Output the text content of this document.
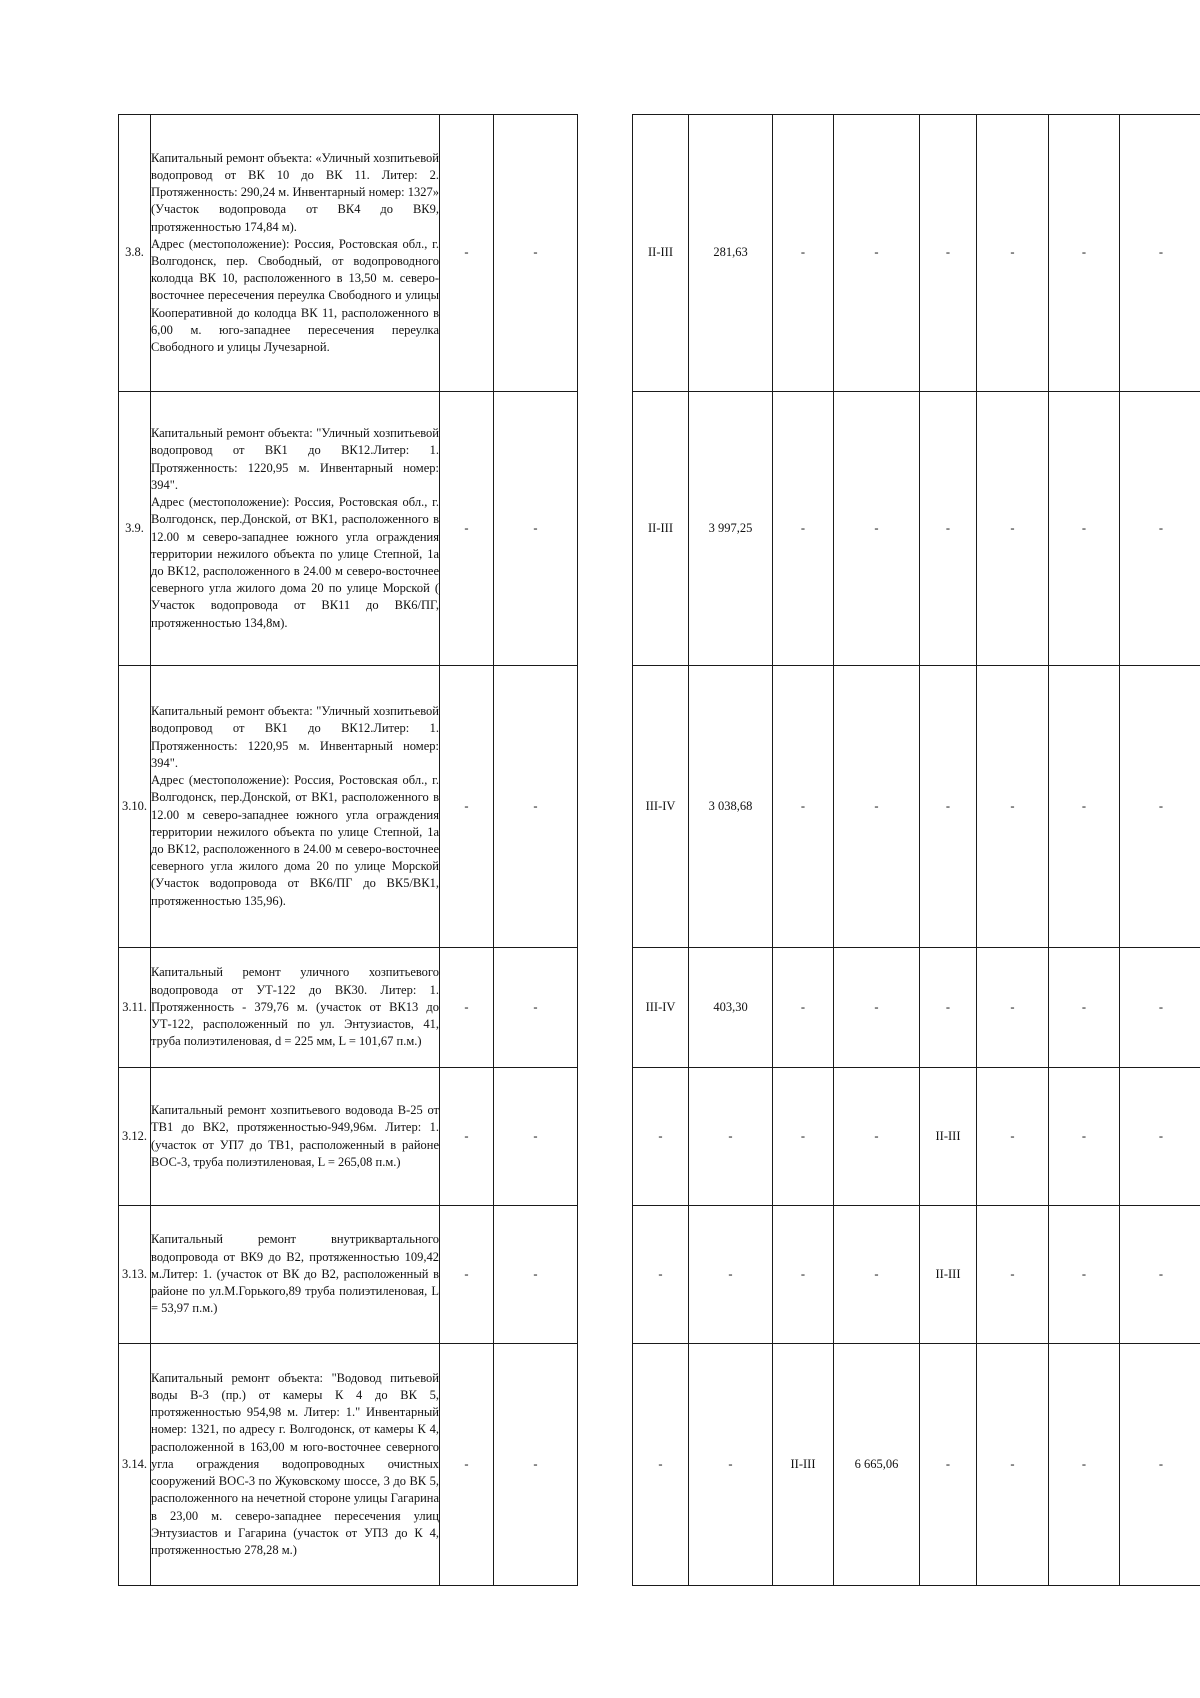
3.8.	Капитальный ремонт объекта: «Уличный хозпитьевой водопровод от ВК 10 до ВК 11. Литер: 2. Протяженность: 290,24 м. Инвентарный номер: 1327» (Участок водопровода от ВК4 до ВК9, протяженностью 174,84 м).
Адрес (местоположение): Россия, Ростовская обл., г. Волгодонск, пер. Свободный, от водопроводного колодца ВК 10, расположенного в 13,50 м. северо-восточнее пересечения переулка Свободного и улицы Кооперативной до колодца ВК 11, расположенного в 6,00 м. юго-западнее пересечения переулка Свободного и улицы Лучезарной.	-	-		II-III	281,63	-	-	-	-	-	-
3.9.	Капитальный ремонт объекта: "Уличный хозпитьевой водопровод от ВК1 до ВК12.Литер: 1. Протяженность: 1220,95 м. Инвентарный номер: 394".
Адрес (местоположение): Россия, Ростовская обл., г. Волгодонск, пер.Донской, от ВК1, расположенного в 12.00 м северо-западнее южного угла ограждения территории нежилого объекта по улице Степной, 1а до ВК12, расположенного в 24.00 м северо-восточнее северного угла жилого дома 20 по улице Морской ( Участок водопровода от ВК11 до ВК6/ПГ, протяженностью 134,8м).	-	-		II-III	3 997,25	-	-	-	-	-	-
3.10.	Капитальный ремонт объекта: "Уличный хозпитьевой водопровод от ВК1 до ВК12.Литер: 1. Протяженность: 1220,95 м. Инвентарный номер: 394".
Адрес (местоположение): Россия, Ростовская обл., г. Волгодонск, пер.Донской, от ВК1, расположенного в 12.00 м северо-западнее южного угла ограждения территории нежилого объекта по улице Степной, 1а до ВК12, расположенного в 24.00 м северо-восточнее северного угла жилого дома 20 по улице Морской (Участок водопровода от ВК6/ПГ до ВК5/ВК1, протяженностью 135,96).	-	-		III-IV	3 038,68	-	-	-	-	-	-
3.11.	Капитальный ремонт уличного хозпитьевого водопровода от УТ-122 до ВК30. Литер: 1. Протяженность - 379,76 м. (участок от ВК13 до УТ-122, расположенный по ул. Энтузиастов, 41, труба полиэтиленовая, d = 225 мм, L = 101,67 п.м.)	-	-		III-IV	403,30	-	-	-	-	-	-
3.12.	Капитальный ремонт хозпитьевого водовода В-25 от ТВ1 до ВК2, протяженностью-949,96м. Литер: 1. (участок от УП7 до ТВ1, расположенный в районе ВОС-3, труба полиэтиленовая, L = 265,08 п.м.)	-	-		-	-	-	-	II-III	-	-	-
3.13.	Капитальный ремонт внутриквартального водопровода от ВК9 до В2, протяженностью 109,42 м.Литер: 1. (участок от ВК до В2, расположенный в районе по ул.М.Горького,89 труба полиэтиленовая, L = 53,97 п.м.)	-	-		-	-	-	-	II-III	-	-	-
3.14.	Капитальный ремонт объекта: "Водовод питьевой воды В-3 (пр.) от камеры К 4 до ВК 5, протяженностью 954,98 м. Литер: 1." Инвентарный номер: 1321, по адресу г. Волгодонск, от камеры К 4, расположенной в 163,00 м юго-восточнее северного угла ограждения водопроводных очистных сооружений ВОС-3 по Жуковскому шоссе, 3 до ВК 5, расположенного на нечетной стороне улицы Гагарина в 23,00 м. северо-западнее пересечения улиц Энтузиастов и Гагарина (участок от УП3 до К 4, протяженностью 278,28 м.)	-	-		-	-	II-III	6 665,06	-	-	-	-
